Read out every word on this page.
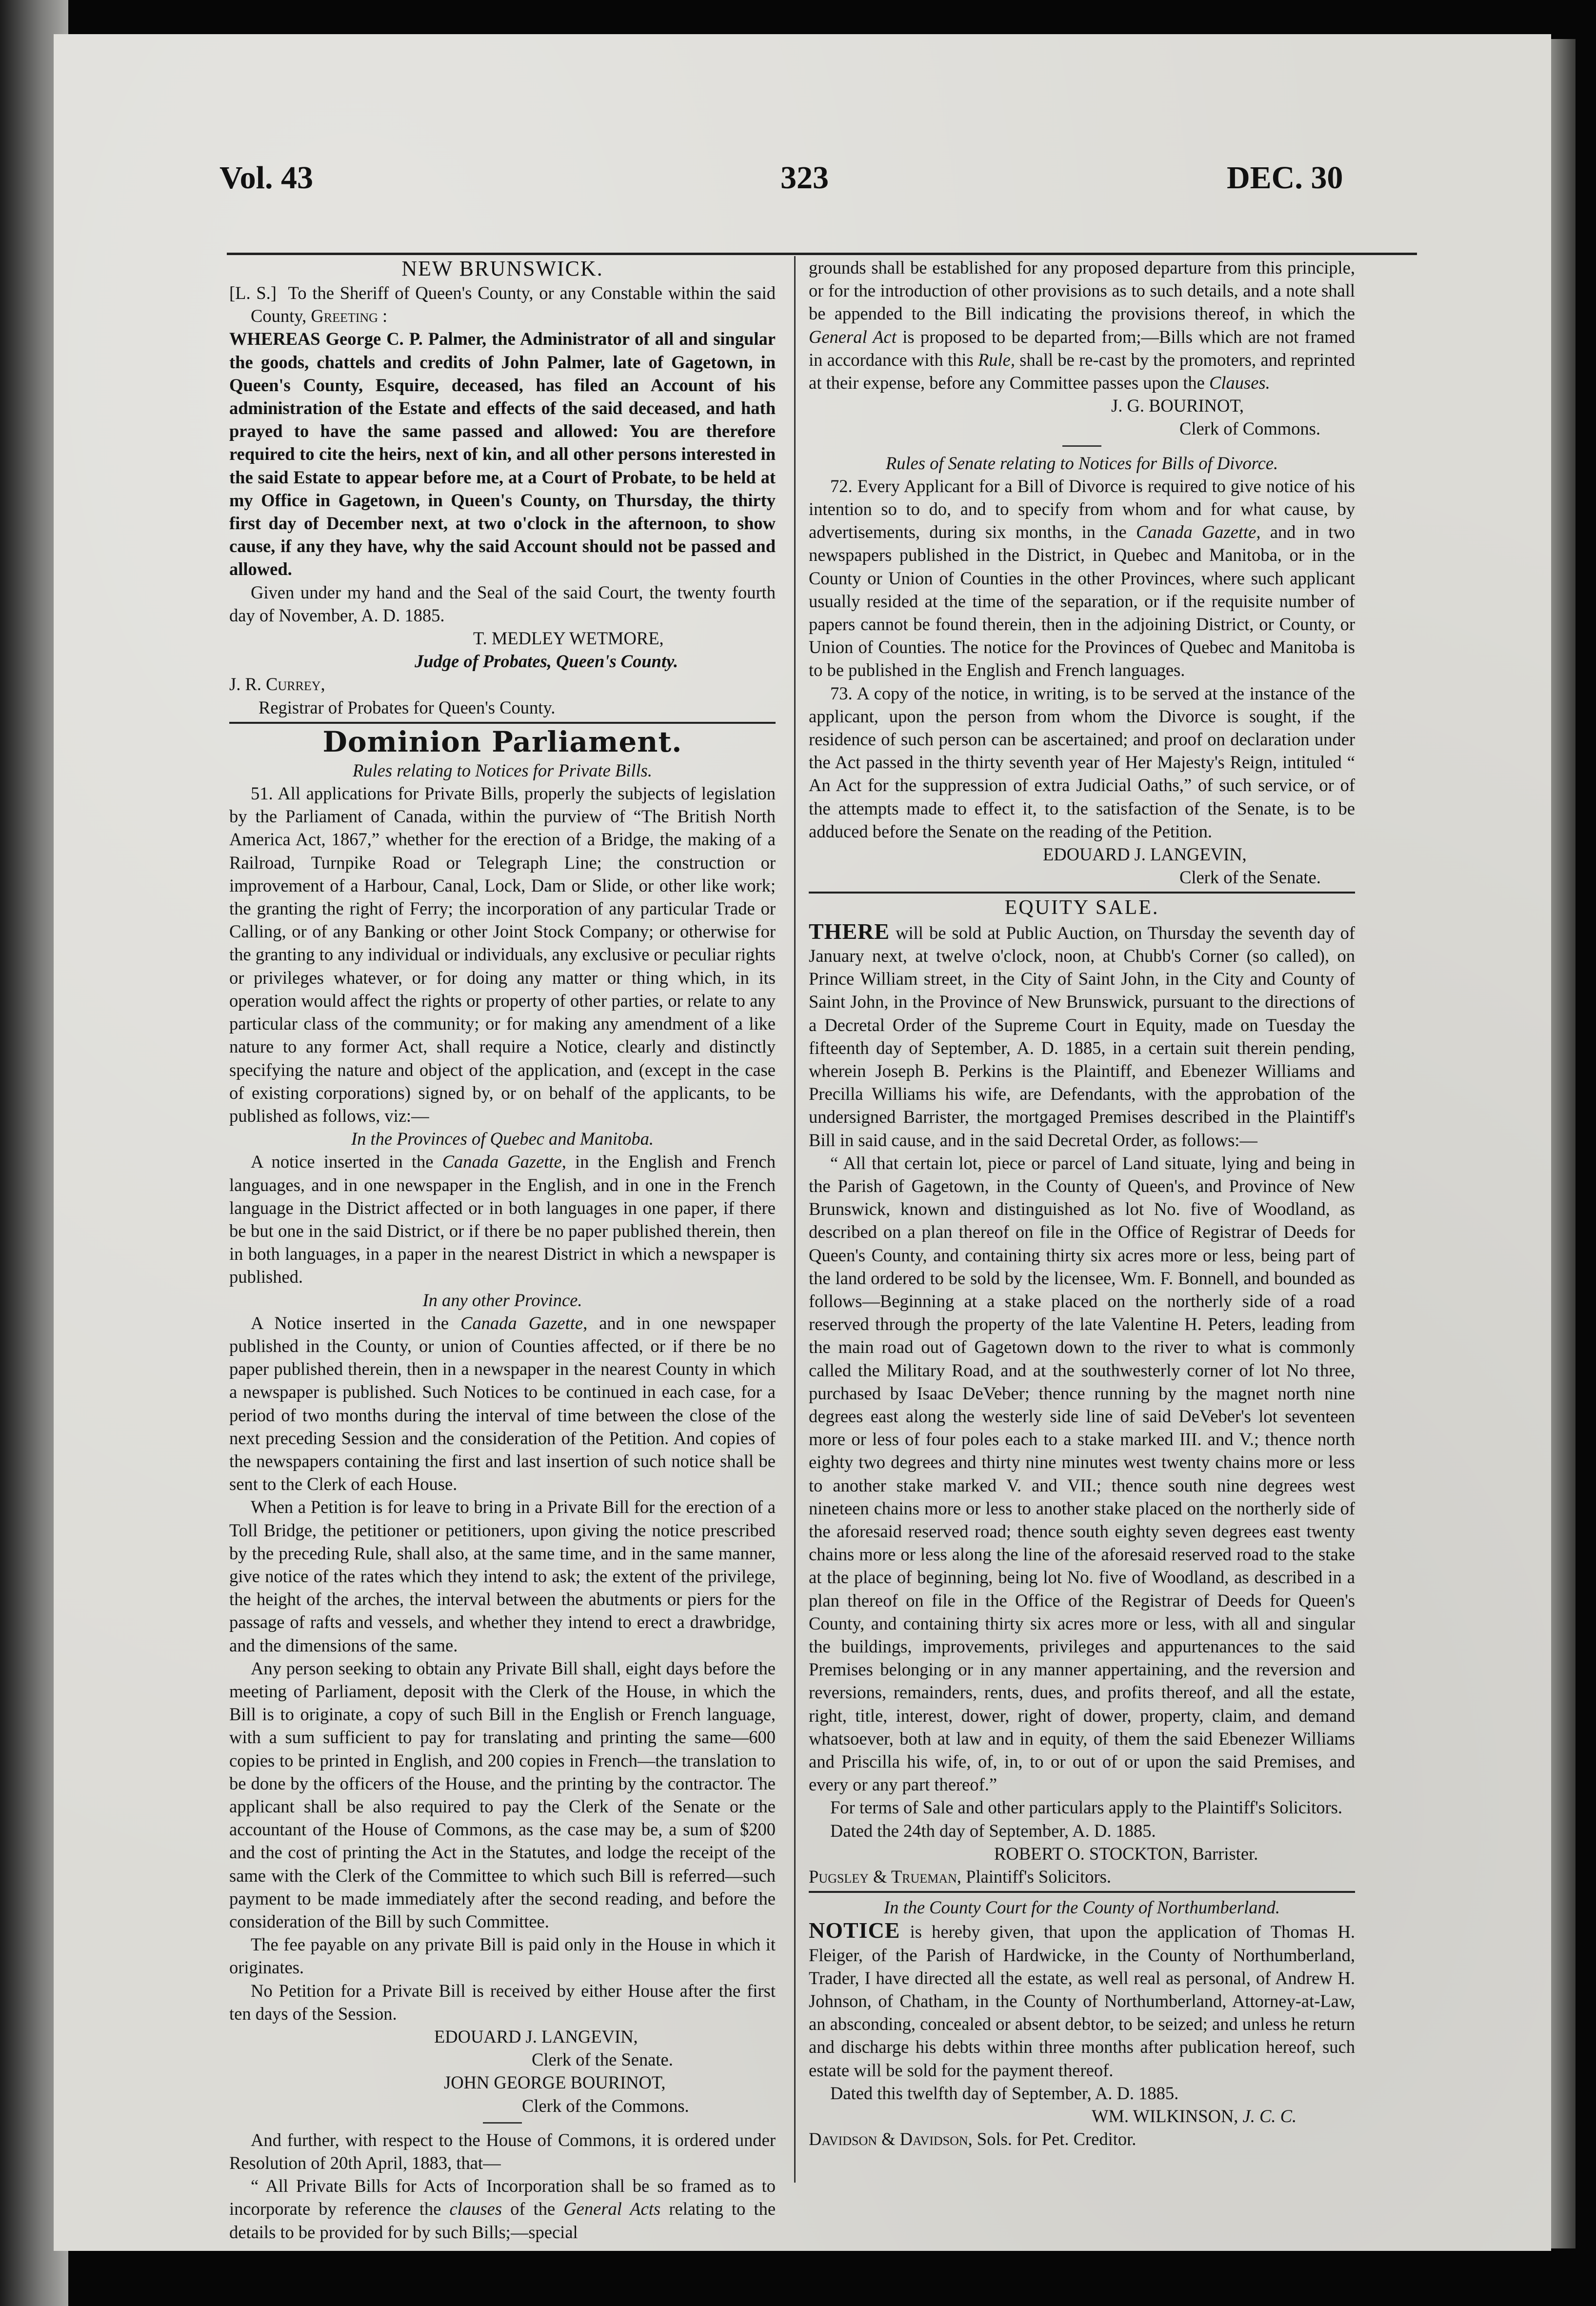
Vol. 43	323	DEC. 30

NEW BRUNSWICK.

[L. S.] To the Sheriff of Queen's County, or any Constable within the said County, Greeting :

WHEREAS George C. P. Palmer, the Administrator of all and singular the goods, chattels and credits of John Palmer, late of Gagetown, in Queen's County, Esquire, deceased, has filed an Account of his administration of the Estate and effects of the said deceased, and hath prayed to have the same passed and allowed: You are therefore required to cite the heirs, next of kin, and all other persons interested in the said Estate to appear before me, at a Court of Probate, to be held at my Office in Gagetown, in Queen's County, on Thursday, the thirty first day of December next, at two o'clock in the afternoon, to show cause, if any they have, why the said Account should not be passed and allowed.

Given under my hand and the Seal of the said Court, the twenty fourth day of November, A. D. 1885.

T. MEDLEY WETMORE,

Judge of Probates, Queen's County.

J. R. Currey,

Registrar of Probates for Queen's County.

Dominion Parliament.

Rules relating to Notices for Private Bills.

51. All applications for Private Bills, properly the subjects of legislation by the Parliament of Canada, within the purview of “The British North America Act, 1867,” whether for the erection of a Bridge, the making of a Railroad, Turnpike Road or Telegraph Line; the construction or improvement of a Harbour, Canal, Lock, Dam or Slide, or other like work; the granting the right of Ferry; the incorporation of any particular Trade or Calling, or of any Banking or other Joint Stock Company; or otherwise for the granting to any individual or individuals, any exclusive or peculiar rights or privileges whatever, or for doing any matter or thing which, in its operation would affect the rights or property of other parties, or relate to any particular class of the community; or for making any amendment of a like nature to any former Act, shall require a Notice, clearly and distinctly specifying the nature and object of the application, and (except in the case of existing corporations) signed by, or on behalf of the applicants, to be published as follows, viz:—

In the Provinces of Quebec and Manitoba.

A notice inserted in the Canada Gazette, in the English and French languages, and in one newspaper in the English, and in one in the French language in the District affected or in both languages in one paper, if there be but one in the said District, or if there be no paper published therein, then in both languages, in a paper in the nearest District in which a newspaper is published.

In any other Province.

A Notice inserted in the Canada Gazette, and in one newspaper published in the County, or union of Counties affected, or if there be no paper published therein, then in a newspaper in the nearest County in which a newspaper is published. Such Notices to be continued in each case, for a period of two months during the interval of time between the close of the next preceding Session and the consideration of the Petition. And copies of the newspapers containing the first and last insertion of such notice shall be sent to the Clerk of each House.

When a Petition is for leave to bring in a Private Bill for the erection of a Toll Bridge, the petitioner or petitioners, upon giving the notice prescribed by the preceding Rule, shall also, at the same time, and in the same manner, give notice of the rates which they intend to ask; the extent of the privilege, the height of the arches, the interval between the abutments or piers for the passage of rafts and vessels, and whether they intend to erect a drawbridge, and the dimensions of the same.

Any person seeking to obtain any Private Bill shall, eight days before the meeting of Parliament, deposit with the Clerk of the House, in which the Bill is to originate, a copy of such Bill in the English or French language, with a sum sufficient to pay for translating and printing the same—600 copies to be printed in English, and 200 copies in French—the translation to be done by the officers of the House, and the printing by the contractor. The applicant shall be also required to pay the Clerk of the Senate or the accountant of the House of Commons, as the case may be, a sum of $200 and the cost of printing the Act in the Statutes, and lodge the receipt of the same with the Clerk of the Committee to which such Bill is referred—such payment to be made immediately after the second reading, and before the consideration of the Bill by such Committee.

The fee payable on any private Bill is paid only in the House in which it originates.

No Petition for a Private Bill is received by either House after the first ten days of the Session.

EDOUARD J. LANGEVIN,

Clerk of the Senate.

JOHN GEORGE BOURINOT,

Clerk of the Commons.

And further, with respect to the House of Commons, it is ordered under Resolution of 20th April, 1883, that—

“ All Private Bills for Acts of Incorporation shall be so framed as to incorporate by reference the clauses of the General Acts relating to the details to be provided for by such Bills;—special

grounds shall be established for any proposed departure from this principle, or for the introduction of other provisions as to such details, and a note shall be appended to the Bill indicating the provisions thereof, in which the General Act is proposed to be departed from;—Bills which are not framed in accordance with this Rule, shall be re-cast by the promoters, and reprinted at their expense, before any Committee passes upon the Clauses.

J. G. BOURINOT,

Clerk of Commons.

Rules of Senate relating to Notices for Bills of Divorce.

72. Every Applicant for a Bill of Divorce is required to give notice of his intention so to do, and to specify from whom and for what cause, by advertisements, during six months, in the Canada Gazette, and in two newspapers published in the District, in Quebec and Manitoba, or in the County or Union of Counties in the other Provinces, where such applicant usually resided at the time of the separation, or if the requisite number of papers cannot be found therein, then in the adjoining District, or County, or Union of Counties. The notice for the Provinces of Quebec and Manitoba is to be published in the English and French languages.

73. A copy of the notice, in writing, is to be served at the instance of the applicant, upon the person from whom the Divorce is sought, if the residence of such person can be ascertained; and proof on declaration under the Act passed in the thirty seventh year of Her Majesty's Reign, intituled “ An Act for the suppression of extra Judicial Oaths,” of such service, or of the attempts made to effect it, to the satisfaction of the Senate, is to be adduced before the Senate on the reading of the Petition.

EDOUARD J. LANGEVIN,

Clerk of the Senate.

EQUITY SALE.

THERE will be sold at Public Auction, on Thursday the seventh day of January next, at twelve o'clock, noon, at Chubb's Corner (so called), on Prince William street, in the City of Saint John, in the City and County of Saint John, in the Province of New Brunswick, pursuant to the directions of a Decretal Order of the Supreme Court in Equity, made on Tuesday the fifteenth day of September, A. D. 1885, in a certain suit therein pending, wherein Joseph B. Perkins is the Plaintiff, and Ebenezer Williams and Precilla Williams his wife, are Defendants, with the approbation of the undersigned Barrister, the mortgaged Premises described in the Plaintiff's Bill in said cause, and in the said Decretal Order, as follows:—

“ All that certain lot, piece or parcel of Land situate, lying and being in the Parish of Gagetown, in the County of Queen's, and Province of New Brunswick, known and distinguished as lot No. five of Woodland, as described on a plan thereof on file in the Office of Registrar of Deeds for Queen's County, and containing thirty six acres more or less, being part of the land ordered to be sold by the licensee, Wm. F. Bonnell, and bounded as follows—Beginning at a stake placed on the northerly side of a road reserved through the property of the late Valentine H. Peters, leading from the main road out of Gagetown down to the river to what is commonly called the Military Road, and at the southwesterly corner of lot No three, purchased by Isaac DeVeber; thence running by the magnet north nine degrees east along the westerly side line of said DeVeber's lot seventeen more or less of four poles each to a stake marked III. and V.; thence north eighty two degrees and thirty nine minutes west twenty chains more or less to another stake marked V. and VII.; thence south nine degrees west nineteen chains more or less to another stake placed on the northerly side of the aforesaid reserved road; thence south eighty seven degrees east twenty chains more or less along the line of the aforesaid reserved road to the stake at the place of beginning, being lot No. five of Woodland, as described in a plan thereof on file in the Office of the Registrar of Deeds for Queen's County, and containing thirty six acres more or less, with all and singular the buildings, improvements, privileges and appurtenances to the said Premises belonging or in any manner appertaining, and the reversion and reversions, remainders, rents, dues, and profits thereof, and all the estate, right, title, interest, dower, right of dower, property, claim, and demand whatsoever, both at law and in equity, of them the said Ebenezer Williams and Priscilla his wife, of, in, to or out of or upon the said Premises, and every or any part thereof.”

For terms of Sale and other particulars apply to the Plaintiff's Solicitors.

Dated the 24th day of September, A. D. 1885.

ROBERT O. STOCKTON, Barrister.

Pugsley & Trueman, Plaintiff's Solicitors.

In the County Court for the County of Northumberland.

NOTICE is hereby given, that upon the application of Thomas H. Fleiger, of the Parish of Hardwicke, in the County of Northumberland, Trader, I have directed all the estate, as well real as personal, of Andrew H. Johnson, of Chatham, in the County of Northumberland, Attorney-at-Law, an absconding, concealed or absent debtor, to be seized; and unless he return and discharge his debts within three months after publication hereof, such estate will be sold for the payment thereof.

Dated this twelfth day of September, A. D. 1885.

WM. WILKINSON, J. C. C.

Davidson & Davidson, Sols. for Pet. Creditor.
